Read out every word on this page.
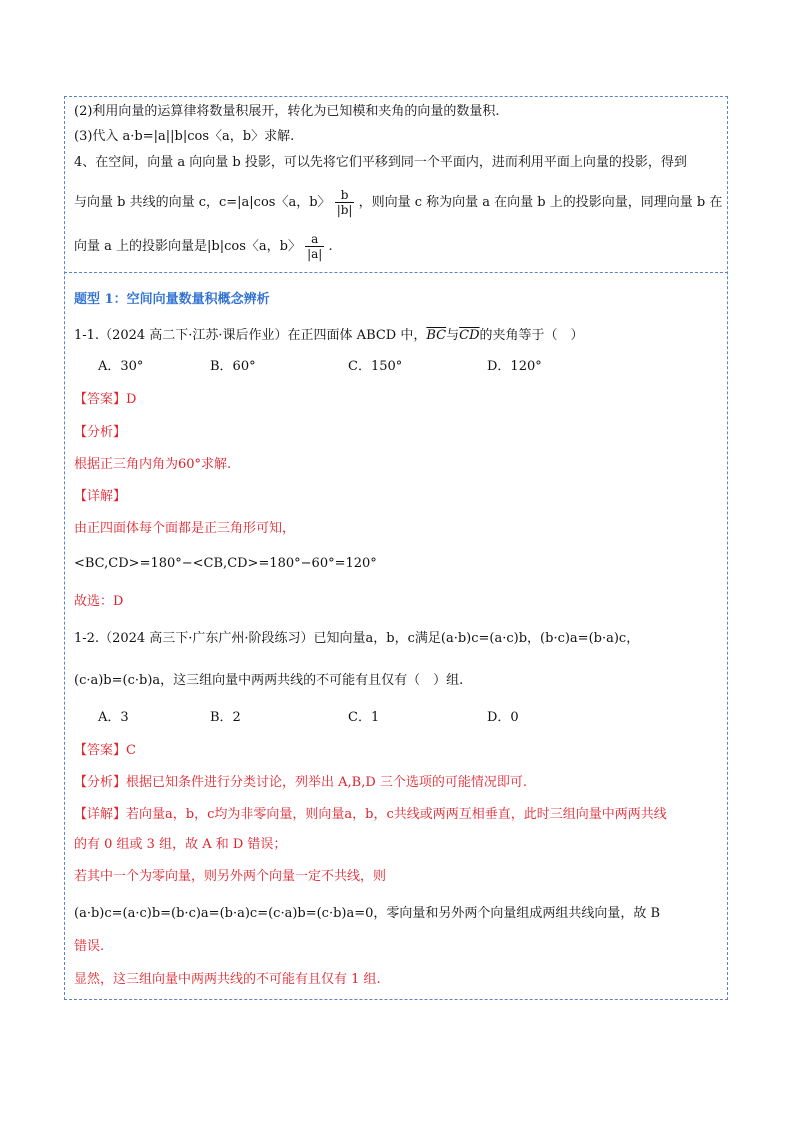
(2)利用向量的运算律将数量积展开，转化为已知模和夹角的向量的数量积.
(3)代入 a·b=|a||b|cos〈a，b〉求解.
4、在空间，向量 a 向向量 b 投影，可以先将它们平移到同一个平面内，进而利用平面上向量的投影，得到
与向量 b 共线的向量 c，c=|a|cos〈a，b〉 $\frac{b}{|b|}$ ，则向量 c 称为向量 a 在向量 b 上的投影向量，同理向量 b 在
向量 a 上的投影向量是|b|cos〈a，b〉 $\frac{a}{|a|}$ .
题型 1：空间向量数量积概念辨析
1-1.（2024 高二下·江苏·课后作业）在正四面体 ABCD 中，$\overline{BC}$与$\overline{CD}$的夹角等于（　）
A．30°	B．60°	C．150°	D．120°
【答案】D
【分析】
根据正三角内角为60°求解.
【详解】
由正四面体每个面都是正三角形可知，
<BC,CD>=180°−<CB,CD>=180°−60°=120°
故选：D
1-2.（2024 高三下·广东广州·阶段练习）已知向量a，b，c满足(a·b)c=(a·c)b，(b·c)a=(b·a)c，
(c·a)b=(c·b)a，这三组向量中两两共线的不可能有且仅有（　）组.
A．3	B．2	C．1	D．0
【答案】C
【分析】根据已知条件进行分类讨论，列举出 A,B,D 三个选项的可能情况即可.
【详解】若向量a，b，c均为非零向量，则向量a，b，c共线或两两互相垂直，此时三组向量中两两共线
的有 0 组或 3 组，故 A 和 D 错误；
若其中一个为零向量，则另外两个向量一定不共线，则
(a·b)c=(a·c)b=(b·c)a=(b·a)c=(c·a)b=(c·b)a=0，零向量和另外两个向量组成两组共线向量，故 B
错误.
显然，这三组向量中两两共线的不可能有且仅有 1 组.
